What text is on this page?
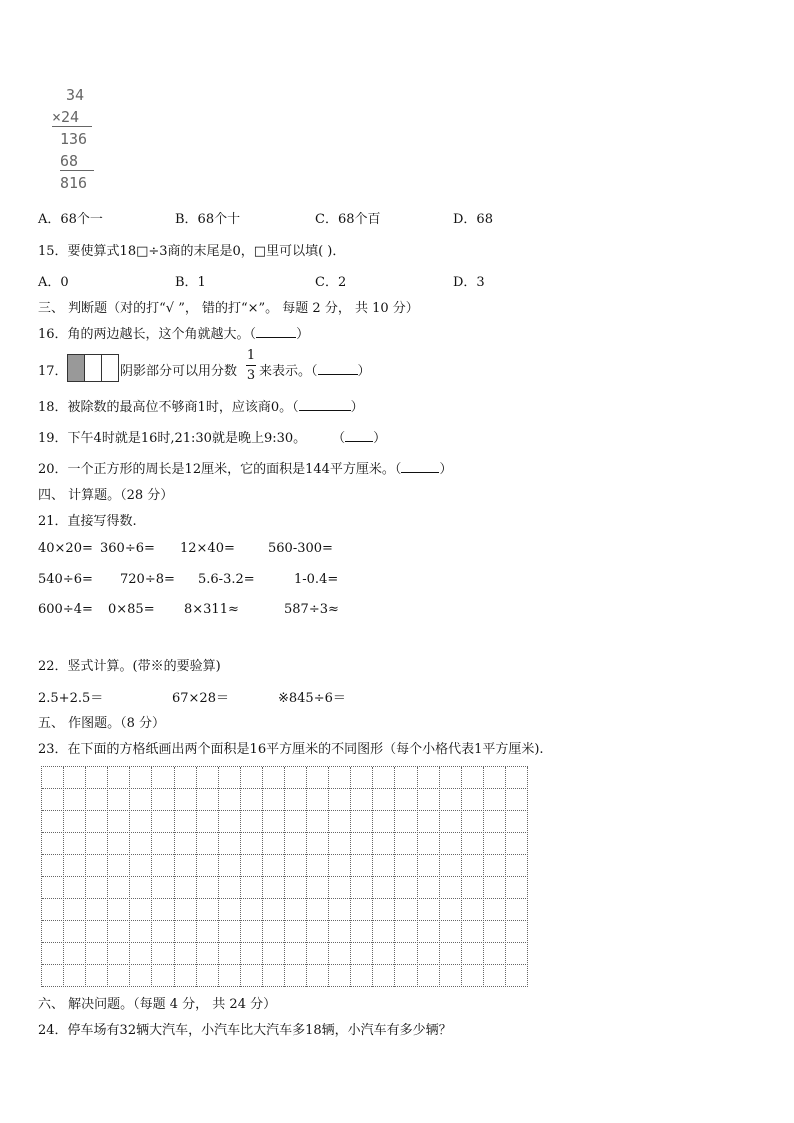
34
×24
136
68
816
A．68个一	B．68个十	C．68个百	D．68
15．要使算式18□÷3商的末尾是0，□里可以填( )．
A．0	B．1	C．2	D．3
三、 判断题（对的打“√ ”， 错的打“×”。 每题 2 分， 共 10 分）
16．角的两边越长，这个角就越大。（	）
17．	阴影部分可以用分数
1
3 来表示。（	）
18．被除数的最高位不够商1时，应该商0。（	）
19．下午4时就是16时,21:30就是晚上9:30。 （ ）
20．一个正方形的周长是12厘米，它的面积是144平方厘米。（	）
四、 计算题。（28 分）
21．直接写得数.
40×20= 360÷6= 12×40=	560-300=
540÷6= 720÷8= 5.6-3.2=	1-0.4=
600÷4= 0×85= 8×311≈	587÷3≈
22．竖式计算。(带※的要验算)
2.5+2.5＝	67×28＝	※845÷6＝
五、 作图题。（8 分）
23．在下面的方格纸画出两个面积是16平方厘米的不同图形（每个小格代表1平方厘米).
六、 解决问题。（每题 4 分， 共 24 分）
24．停车场有32辆大汽车，小汽车比大汽车多18辆，小汽车有多少辆？
